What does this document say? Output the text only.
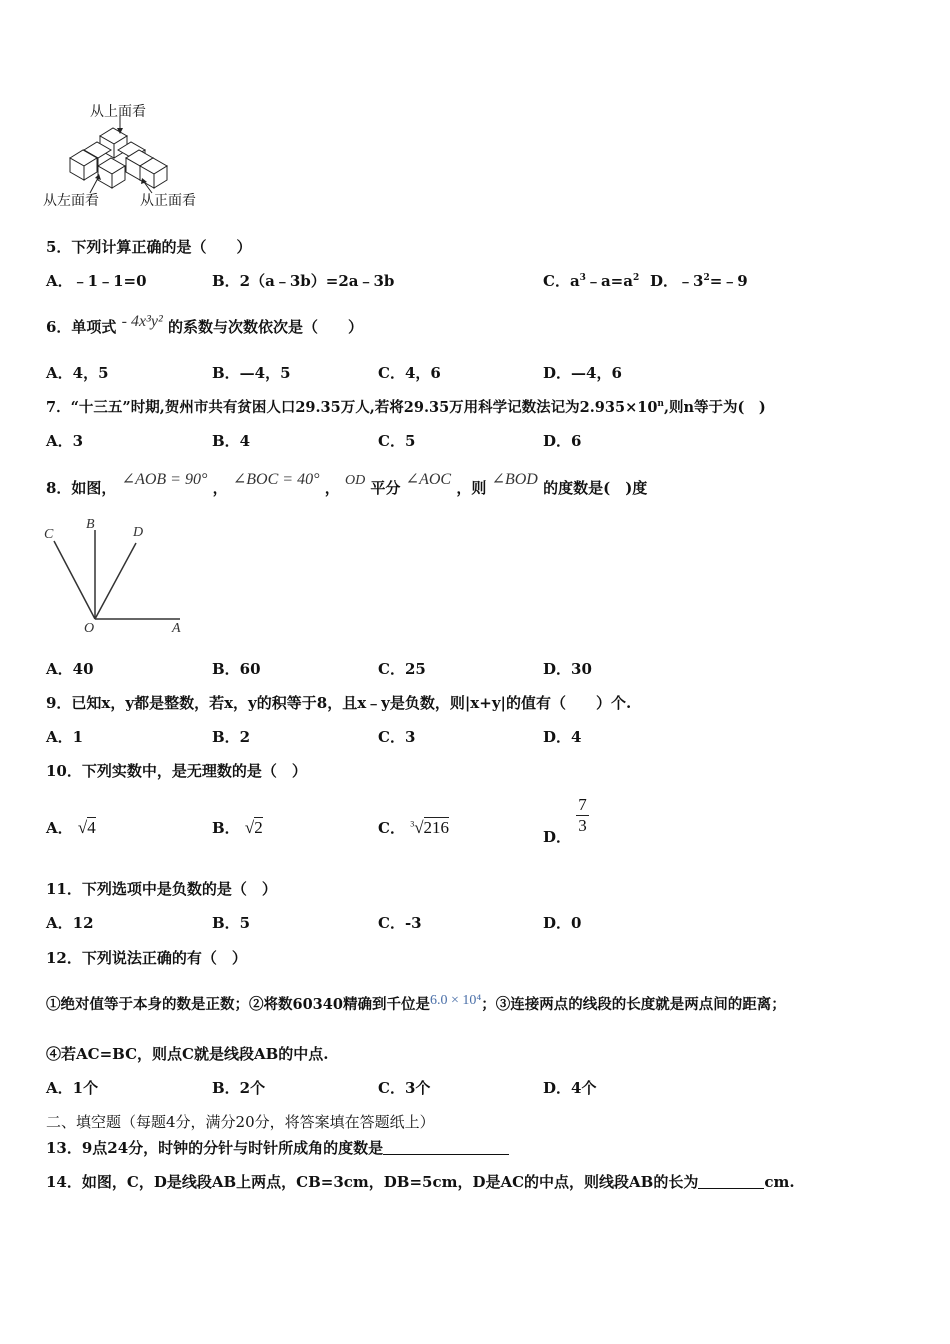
从上面看
从左面看	从正面看
5．下列计算正确的是（　　）
A．﹣1﹣1=0	B．2（a﹣3b）=2a﹣3b	C．$a^3﹣a=a^2$ D．$﹣3^2=﹣9$
6．单项式 - 4x³y² 的系数与次数依次是（　　）
A．4，5	B．—4，5	C．4，6	D．—4，6
7．“十三五”时期,贺州市共有贫困人口29.35万人,若将29.35万用科学记数法记为$2.935\times 10^n$,则n等于为(　)
A．3	B．4	C．5	D．6
8．如图， ∠AOB = 90° ， ∠BOC = 40° ， OD 平分 ∠AOC ，则 ∠BOD 的度数是(　)度
C
B
D
O	A
A．40	B．60	C．25	D．30
9．已知x，y都是整数，若x，y的积等于8，且x﹣y是负数，则|x+y|的值有（　　）个.
A．1	B．2	C．3	D．4
10．下列实数中，是无理数的是（　）
A． √4	B． √2	C． $^3$√216	D．
$\frac{7}{3}$
11．下列选项中是负数的是（　）
A．12	B．5	C．-3	D．0
12．下列说法正确的有（　）
①绝对值等于本身的数是正数；②将数60340精确到千位是6.0 × 10⁴；③连接两点的线段的长度就是两点间的距离；
④若AC=BC，则点C就是线段AB的中点.
A．1个	B．2个	C．3个	D．4个
二、填空题（每题4分，满分20分，将答案填在答题纸上）
13．9点24分，时钟的分针与时针所成角的度数是
14．如图，C，D是线段AB上两点，CB=3cm，DB=5cm，D是AC的中点，则线段AB的长为	cm.
